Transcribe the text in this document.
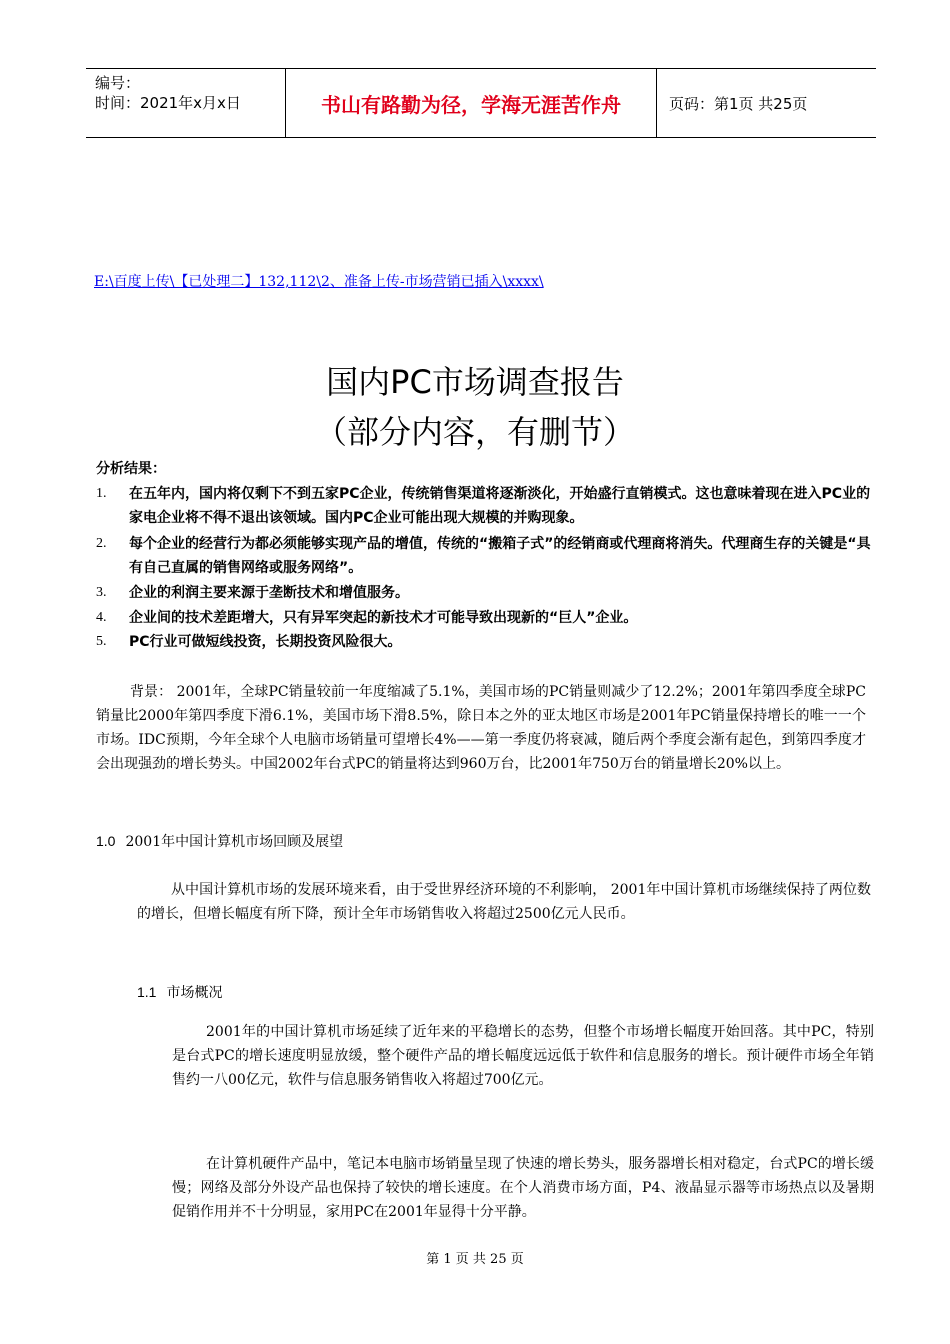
编号：
时间：2021年x月x日	书山有路勤为径，学海无涯苦作舟	页码：第1页 共25页
E:\百度上传\【已处理二】132,112\2、准备上传-市场营销已插入\xxxx\
国内PC市场调查报告
（部分内容，有删节）
分析结果：
1. 在五年内，国内将仅剩下不到五家PC企业，传统销售渠道将逐渐淡化，开始盛行直销模式。这也意味着现在进入PC业的家电企业将不得不退出该领域。国内PC企业可能出现大规模的并购现象。
2. 每个企业的经营行为都必须能够实现产品的增值，传统的“搬箱子式”的经销商或代理商将消失。代理商生存的关键是“具有自己直属的销售网络或服务网络”。
3. 企业的利润主要来源于垄断技术和增值服务。
4. 企业间的技术差距增大，只有异军突起的新技术才可能导致出现新的“巨人”企业。
5. PC行业可做短线投资，长期投资风险很大。
背景： 2001年，全球PC销量较前一年度缩减了5.1%，美国市场的PC销量则减少了12.2%；2001年第四季度全球PC销量比2000年第四季度下滑6.1%，美国市场下滑8.5%，除日本之外的亚太地区市场是2001年PC销量保持增长的唯一一个市场。IDC预期，今年全球个人电脑市场销量可望增长4%——第一季度仍将衰减，随后两个季度会渐有起色，到第四季度才会出现强劲的增长势头。中国2002年台式PC的销量将达到960万台，比2001年750万台的销量增长20%以上。
1.0 2001年中国计算机市场回顾及展望
从中国计算机市场的发展环境来看，由于受世界经济环境的不利影响， 2001年中国计算机市场继续保持了两位数的增长，但增长幅度有所下降，预计全年市场销售收入将超过2500亿元人民币。
1.1 市场概况
2001年的中国计算机市场延续了近年来的平稳增长的态势，但整个市场增长幅度开始回落。其中PC，特别是台式PC的增长速度明显放缓，整个硬件产品的增长幅度远远低于软件和信息服务的增长。预计硬件市场全年销售约一八00亿元，软件与信息服务销售收入将超过700亿元。
在计算机硬件产品中，笔记本电脑市场销量呈现了快速的增长势头，服务器增长相对稳定，台式PC的增长缓慢；网络及部分外设产品也保持了较快的增长速度。在个人消费市场方面，P4、液晶显示器等市场热点以及暑期促销作用并不十分明显，家用PC在2001年显得十分平静。
第 1 页 共 25 页
